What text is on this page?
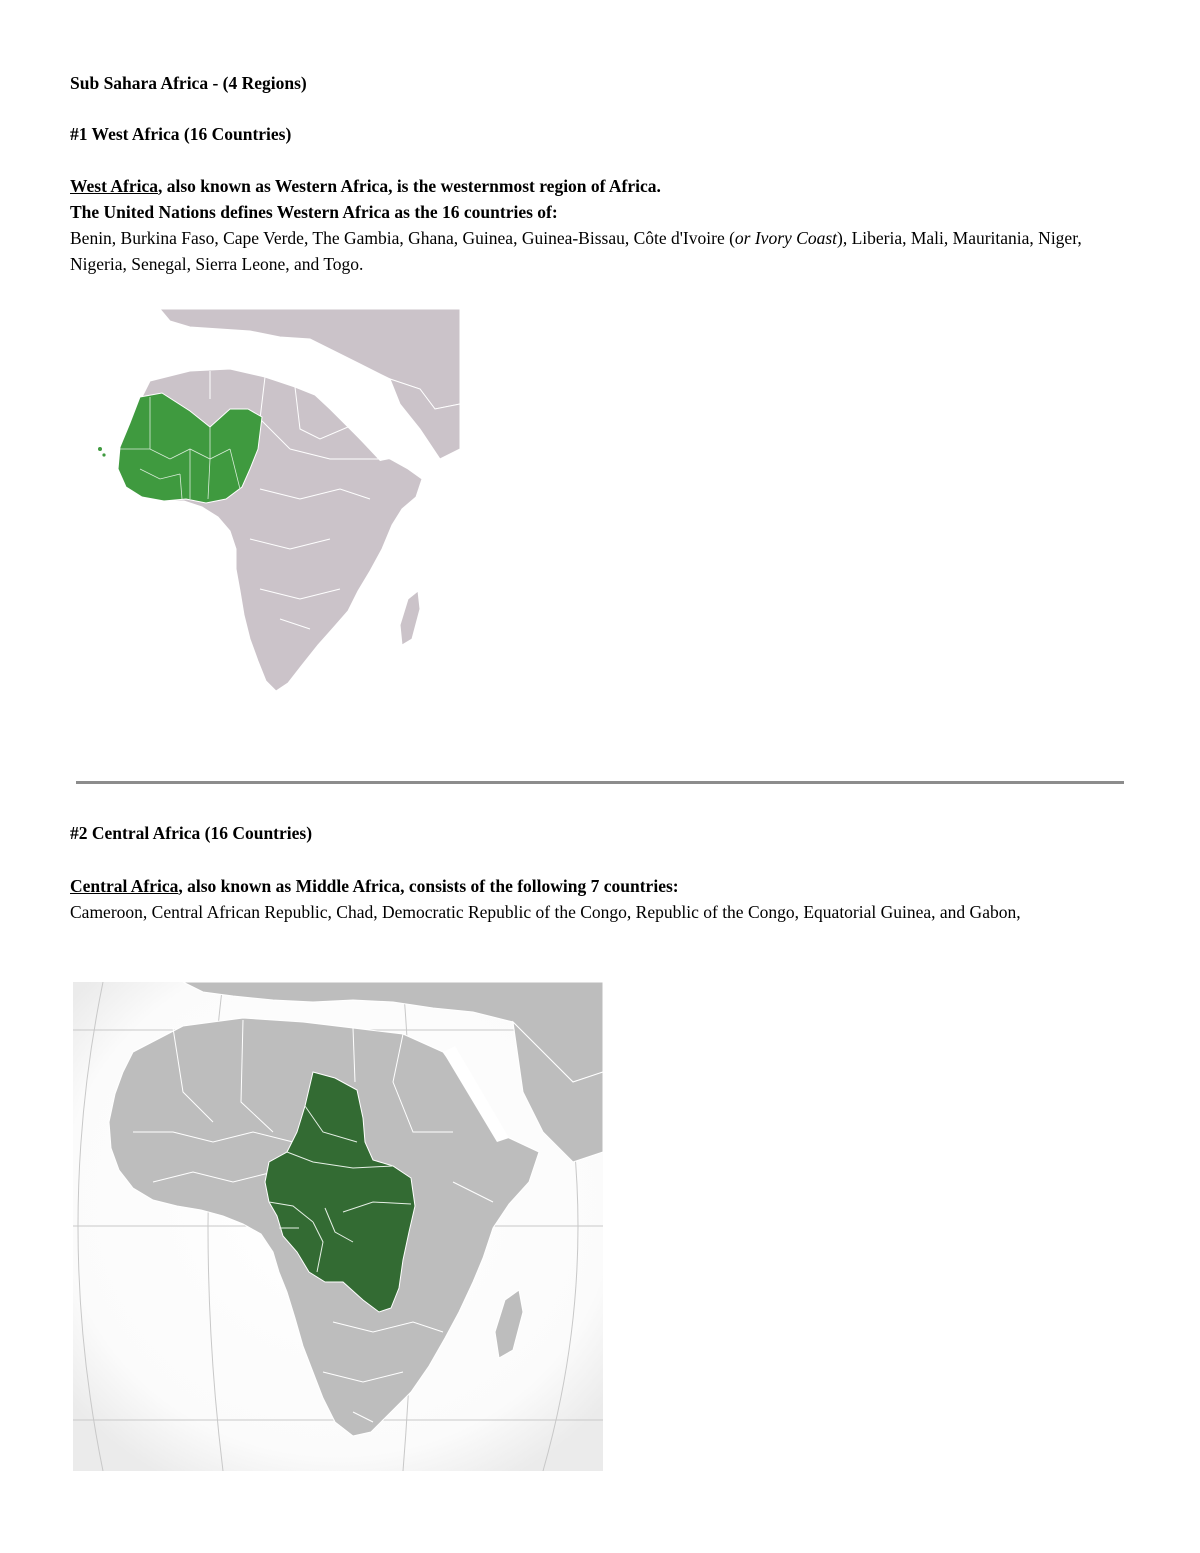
Sub Sahara Africa - (4 Regions)
#1 West Africa (16 Countries)
West Africa, also known as Western Africa, is the westernmost region of Africa.
The United Nations defines Western Africa as the 16 countries of:
Benin, Burkina Faso, Cape Verde, The Gambia, Ghana, Guinea, Guinea-Bissau, Côte d'Ivoire (or Ivory Coast), Liberia, Mali, Mauritania, Niger, Nigeria, Senegal, Sierra Leone, and Togo.
#2 Central Africa (16 Countries)
Central Africa, also known as Middle Africa, consists of the following 7 countries:
Cameroon, Central African Republic, Chad, Democratic Republic of the Congo, Republic of the Congo, Equatorial Guinea, and Gabon,
